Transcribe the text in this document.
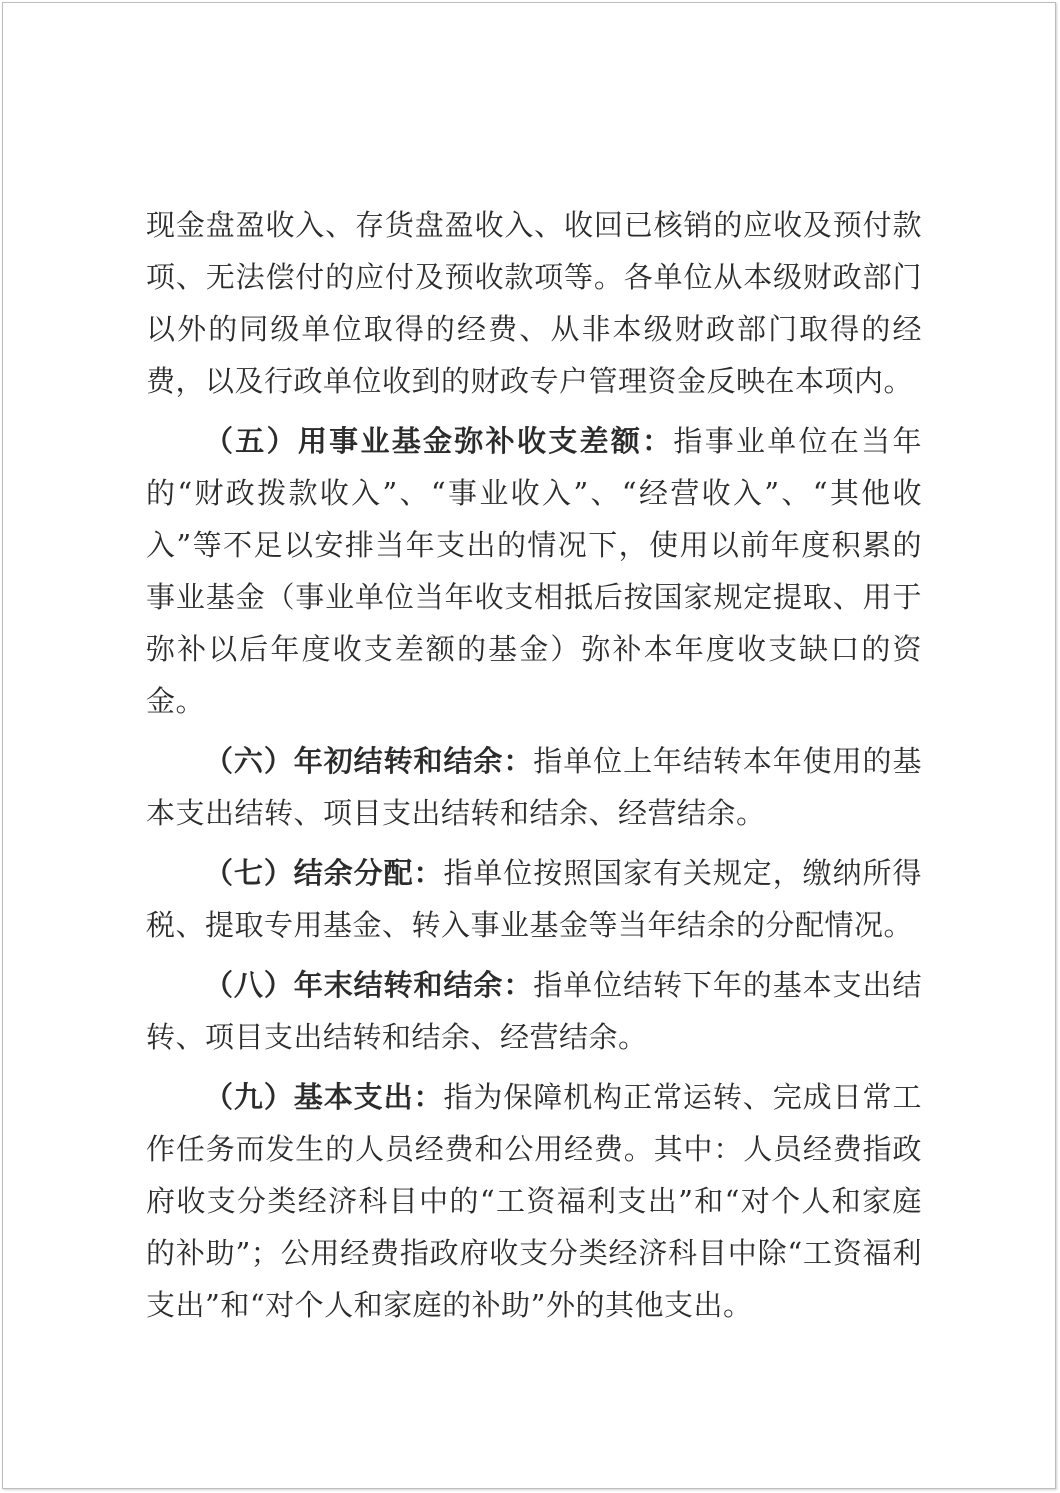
现金盘盈收入、存货盘盈收入、收回已核销的应收及预付款项、无法偿付的应付及预收款项等。各单位从本级财政部门以外的同级单位取得的经费、从非本级财政部门取得的经费，以及行政单位收到的财政专户管理资金反映在本项内。

（五）用事业基金弥补收支差额：指事业单位在当年的“财政拨款收入”、“事业收入”、“经营收入”、“其他收入”等不足以安排当年支出的情况下，使用以前年度积累的事业基金（事业单位当年收支相抵后按国家规定提取、用于弥补以后年度收支差额的基金）弥补本年度收支缺口的资金。

（六）年初结转和结余：指单位上年结转本年使用的基本支出结转、项目支出结转和结余、经营结余。

（七）结余分配：指单位按照国家有关规定，缴纳所得税、提取专用基金、转入事业基金等当年结余的分配情况。

（八）年末结转和结余：指单位结转下年的基本支出结转、项目支出结转和结余、经营结余。

（九）基本支出：指为保障机构正常运转、完成日常工作任务而发生的人员经费和公用经费。其中：人员经费指政府收支分类经济科目中的“工资福利支出”和“对个人和家庭的补助”；公用经费指政府收支分类经济科目中除“工资福利支出”和“对个人和家庭的补助”外的其他支出。
